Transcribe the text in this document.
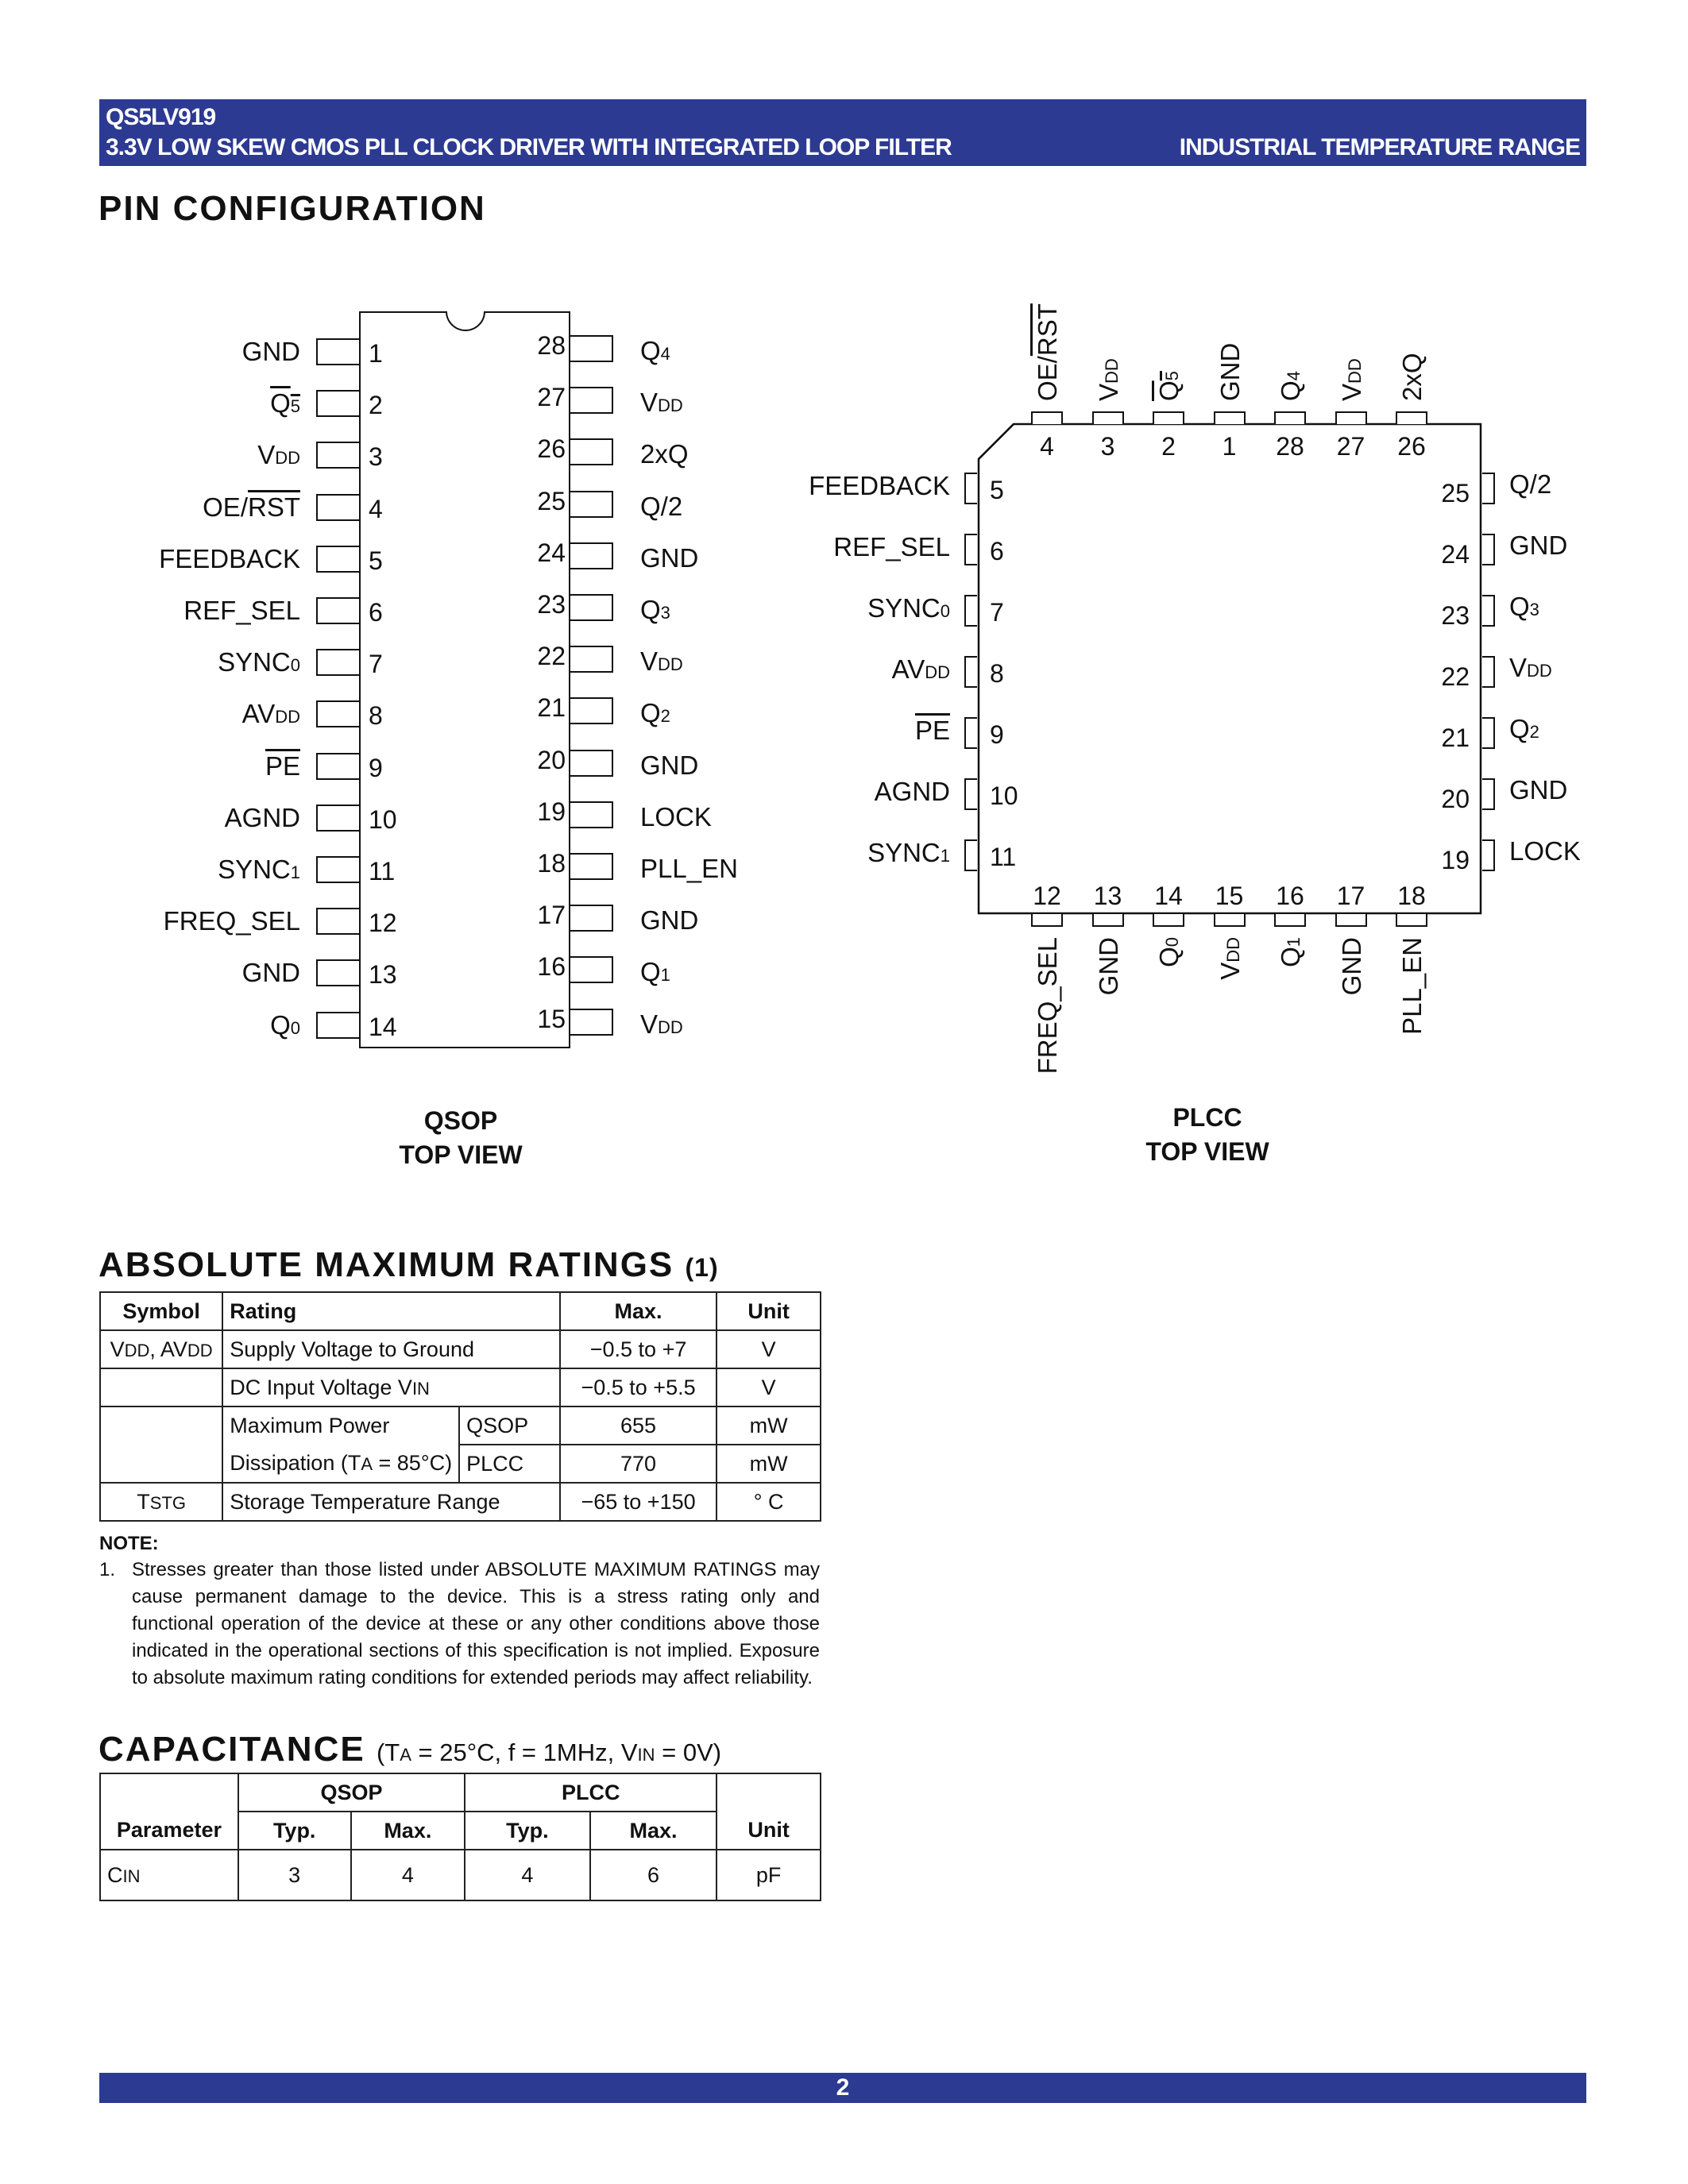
QS5LV919
3.3V LOW SKEW CMOS PLL CLOCK DRIVER WITH INTEGRATED LOOP FILTER	INDUSTRIAL TEMPERATURE RANGE
PIN CONFIGURATION
GND	1
Q5	2
VDD	3
$OE/\overline{RST}$	4
FEEDBACK	5
REF_SEL	6
SYNC0	7
AVDD	8
$\overline{PE}$	9
AGND	10
SYNC1	11
FREQ_SEL	12
GND	13
Q0	14
Q4
28
VDD
27
2xQ
26
Q/2
25
GND
24
Q3
23
VDD
22
Q2
21
GND
20
LOCK
19
PLL_EN
18
GND
17
Q1
16
VDD
15
QSOP
TOP VIEW
4
$OE/\overline{RST}$
3
VDD
2
Q5
1
GND
28
Q4
27
VDD
26
2xQ
12
FREQ_SEL
13
GND
14
Q0
15
VDD
16
Q1
17
GND
18
PLL_EN
5
FEEDBACK
6
REF_SEL
7
SYNC0
8
AVDD
9
$\overline{PE}$
10
AGND
11
SYNC1
25 Q/2
24 GND
23 Q3
22 VDD
21 Q2
20 GND
19 LOCK
PLCC
TOP VIEW
ABSOLUTE MAXIMUM RATINGS (1)
Symbol	Rating		Max.	Unit
VDD, AVDD	Supply Voltage to Ground		−0.5 to +7	V
	DC Input Voltage VIN		−0.5 to +5.5	V
	Maximum Power	QSOP	655	mW
	Dissipation (TA = 85°C)	PLCC	770	mW
TSTG	Storage Temperature Range		−65 to +150	° C
NOTE:
1. Stresses greater than those listed under ABSOLUTE MAXIMUM RATINGS may cause permanent damage to the device. This is a stress rating only and functional operation of the device at these or any other conditions above those indicated in the operational sections of this specification is not implied. Exposure to absolute maximum rating conditions for extended periods may affect reliability.
CAPACITANCE (TA = 25°C, f = 1MHz, VIN = 0V)
	QSOP		PLCC		
Parameter	Typ.	Max.	Typ.	Max.	Unit
CIN	3	4	4	6	pF
2
